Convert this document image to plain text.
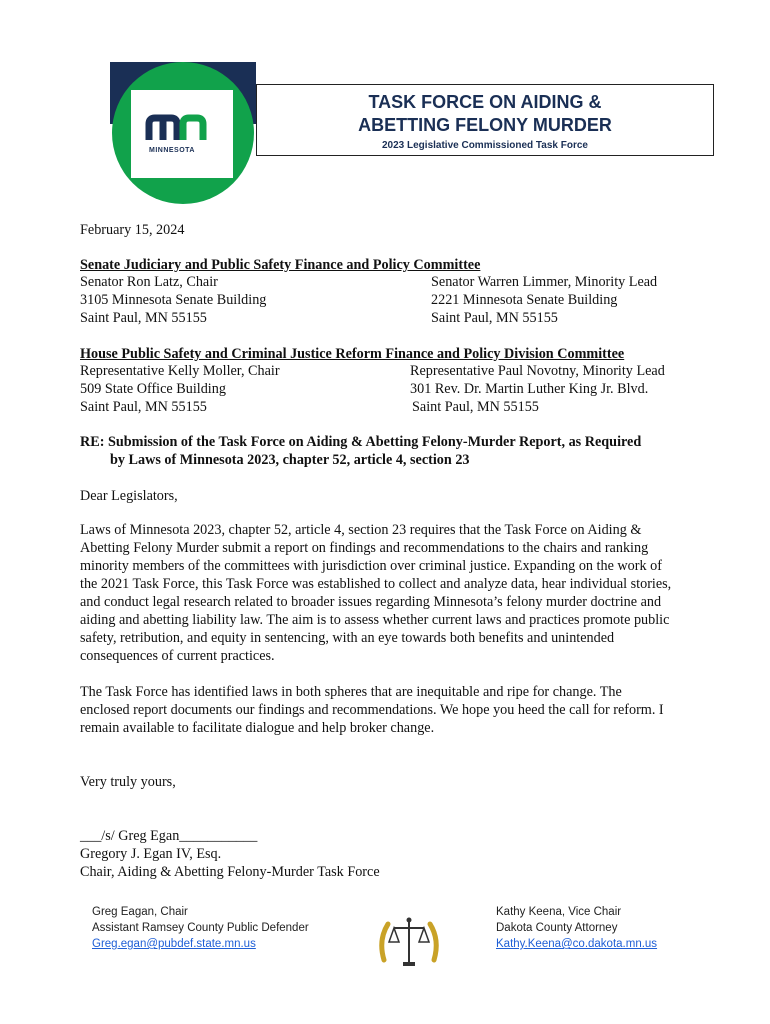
MINNESOTA
TASK FORCE ON AIDING &
ABETTING FELONY MURDER
2023 Legislative Commissioned Task Force
February 15, 2024
Senate Judiciary and Public Safety Finance and Policy Committee
Senator Ron Latz, Chair
3105 Minnesota Senate Building
Saint Paul, MN 55155
Senator Warren Limmer, Minority Lead
2221 Minnesota Senate Building
Saint Paul, MN 55155
House Public Safety and Criminal Justice Reform Finance and Policy Division Committee
Representative Kelly Moller, Chair
509 State Office Building
Saint Paul, MN 55155
Representative Paul Novotny, Minority Lead
301 Rev. Dr. Martin Luther King Jr. Blvd.
Saint Paul, MN 55155
RE: Submission of the Task Force on Aiding & Abetting Felony-Murder Report, as Required
by Laws of Minnesota 2023, chapter 52, article 4, section 23
Dear Legislators,
Laws of Minnesota 2023, chapter 52, article 4, section 23 requires that the Task Force on Aiding &
Abetting Felony Murder submit a report on findings and recommendations to the chairs and ranking
minority members of the committees with jurisdiction over criminal justice. Expanding on the work of
the 2021 Task Force, this Task Force was established to collect and analyze data, hear individual stories,
and conduct legal research related to broader issues regarding Minnesota’s felony murder doctrine and
aiding and abetting liability law. The aim is to assess whether current laws and practices promote public
safety, retribution, and equity in sentencing, with an eye towards both benefits and unintended
consequences of current practices.
The Task Force has identified laws in both spheres that are inequitable and ripe for change. The
enclosed report documents our findings and recommendations. We hope you heed the call for reform. I
remain available to facilitate dialogue and help broker change.
Very truly yours,
___/s/ Greg Egan___________
Gregory J. Egan IV, Esq.
Chair, Aiding & Abetting Felony-Murder Task Force
Greg Eagan, Chair
Assistant Ramsey County Public Defender
Greg.egan@pubdef.state.mn.us
Kathy Keena, Vice Chair
Dakota County Attorney
Kathy.Keena@co.dakota.mn.us
